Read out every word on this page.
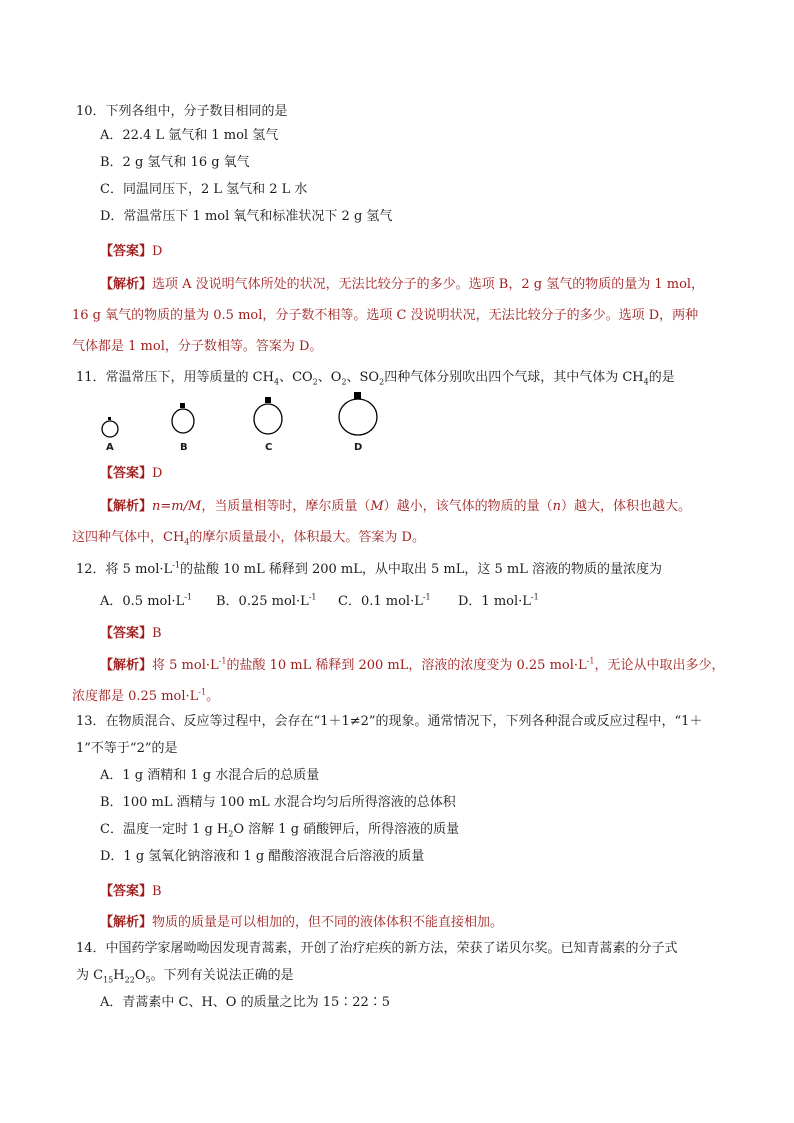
10．下列各组中，分子数目相同的是
A．22.4 L 氩气和 1 mol 氢气
B．2 g 氢气和 16 g 氧气
C．同温同压下，2 L 氢气和 2 L 水
D．常温常压下 1 mol 氧气和标准状况下 2 g 氢气
【答案】D
【解析】选项 A 没说明气体所处的状况，无法比较分子的多少。选项 B，2 g 氢气的物质的量为 1 mol，
16 g 氧气的物质的量为 0.5 mol，分子数不相等。选项 C 没说明状况，无法比较分子的多少。选项 D，两种
气体都是 1 mol，分子数相等。答案为 D。
11．常温常压下，用等质量的 $CH_4$、$CO_2$、$O_2$、$SO_2$四种气体分别吹出四个气球，其中气体为 $CH_4$的是
A	B	C	D
【答案】D
【解析】n=m/M，当质量相等时，摩尔质量（M）越小，该气体的物质的量（n）越大，体积也越大。
这四种气体中，$CH_4$的摩尔质量最小，体积最大。答案为 D。
12．将 5 $mol\cdot L^{-1}$的盐酸 10 mL 稀释到 200 mL，从中取出 5 mL，这 5 mL 溶液的物质的量浓度为
A．0.5 $mol\cdot L^{-1}$ B．0.25 $mol\cdot L^{-1}$ C．0.1 $mol\cdot L^{-1}$ D．1 $mol\cdot L^{-1}$
【答案】B
【解析】将 5 $mol\cdot L^{-1}$的盐酸 10 mL 稀释到 200 mL，溶液的浓度变为 0.25 $mol\cdot L^{-1}$，无论从中取出多少，
浓度都是 0.25 $mol\cdot L^{-1}$。
13．在物质混合、反应等过程中，会存在“1＋1≠2”的现象。通常情况下，下列各种混合或反应过程中，“1＋
1”不等于“2”的是
A．1 g 酒精和 1 g 水混合后的总质量
B．100 mL 酒精与 100 mL 水混合均匀后所得溶液的总体积
C．温度一定时 1 g $H_2O$ 溶解 1 g 硝酸钾后，所得溶液的质量
D．1 g 氢氧化钠溶液和 1 g 醋酸溶液混合后溶液的质量
【答案】B
【解析】物质的质量是可以相加的，但不同的液体体积不能直接相加。
14．中国药学家屠呦呦因发现青蒿素，开创了治疗疟疾的新方法，荣获了诺贝尔奖。已知青蒿素的分子式
为 $C_{15}H_{22}O_5$。下列有关说法正确的是
A．青蒿素中 C、H、O 的质量之比为 15∶22∶5
